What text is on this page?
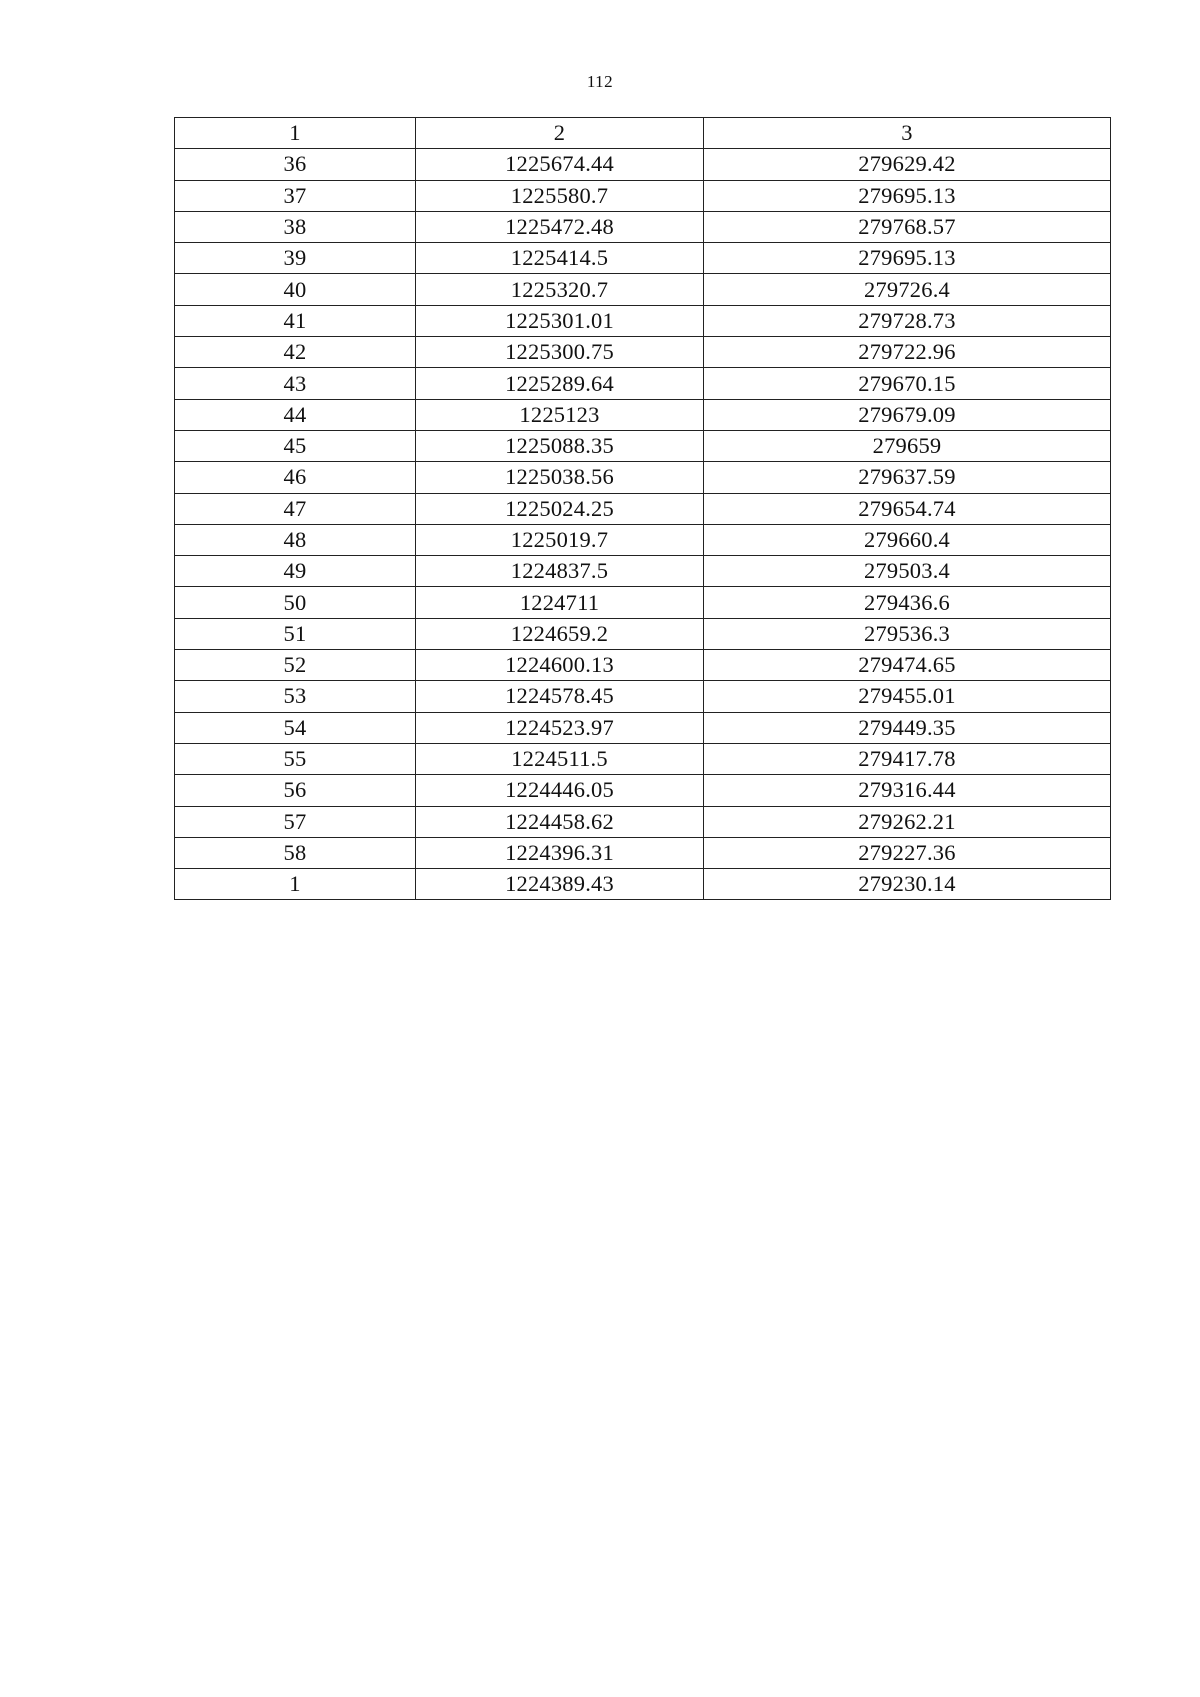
112
1	2	3
36	1225674.44	279629.42
37	1225580.7	279695.13
38	1225472.48	279768.57
39	1225414.5	279695.13
40	1225320.7	279726.4
41	1225301.01	279728.73
42	1225300.75	279722.96
43	1225289.64	279670.15
44	1225123	279679.09
45	1225088.35	279659
46	1225038.56	279637.59
47	1225024.25	279654.74
48	1225019.7	279660.4
49	1224837.5	279503.4
50	1224711	279436.6
51	1224659.2	279536.3
52	1224600.13	279474.65
53	1224578.45	279455.01
54	1224523.97	279449.35
55	1224511.5	279417.78
56	1224446.05	279316.44
57	1224458.62	279262.21
58	1224396.31	279227.36
1	1224389.43	279230.14
